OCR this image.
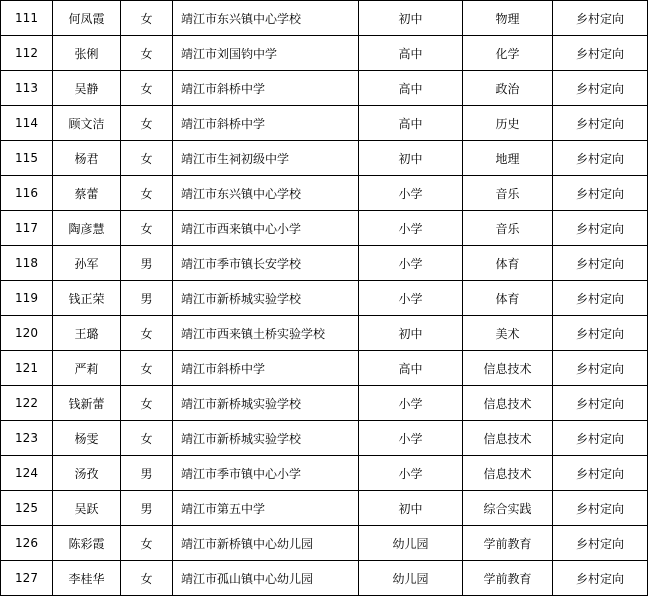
111	何凤霞	女	靖江市东兴镇中心学校	初中	物理	乡村定向
112	张俐	女	靖江市刘国钧中学	高中	化学	乡村定向
113	吴静	女	靖江市斜桥中学	高中	政治	乡村定向
114	顾文洁	女	靖江市斜桥中学	高中	历史	乡村定向
115	杨君	女	靖江市生祠初级中学	初中	地理	乡村定向
116	蔡蕾	女	靖江市东兴镇中心学校	小学	音乐	乡村定向
117	陶彦慧	女	靖江市西来镇中心小学	小学	音乐	乡村定向
118	孙军	男	靖江市季市镇长安学校	小学	体育	乡村定向
119	钱正荣	男	靖江市新桥城实验学校	小学	体育	乡村定向
120	王璐	女	靖江市西来镇土桥实验学校	初中	美术	乡村定向
121	严莉	女	靖江市斜桥中学	高中	信息技术	乡村定向
122	钱新蕾	女	靖江市新桥城实验学校	小学	信息技术	乡村定向
123	杨雯	女	靖江市新桥城实验学校	小学	信息技术	乡村定向
124	汤孜	男	靖江市季市镇中心小学	小学	信息技术	乡村定向
125	吴跃	男	靖江市第五中学	初中	综合实践	乡村定向
126	陈彩霞	女	靖江市新桥镇中心幼儿园	幼儿园	学前教育	乡村定向
127	李桂华	女	靖江市孤山镇中心幼儿园	幼儿园	学前教育	乡村定向
